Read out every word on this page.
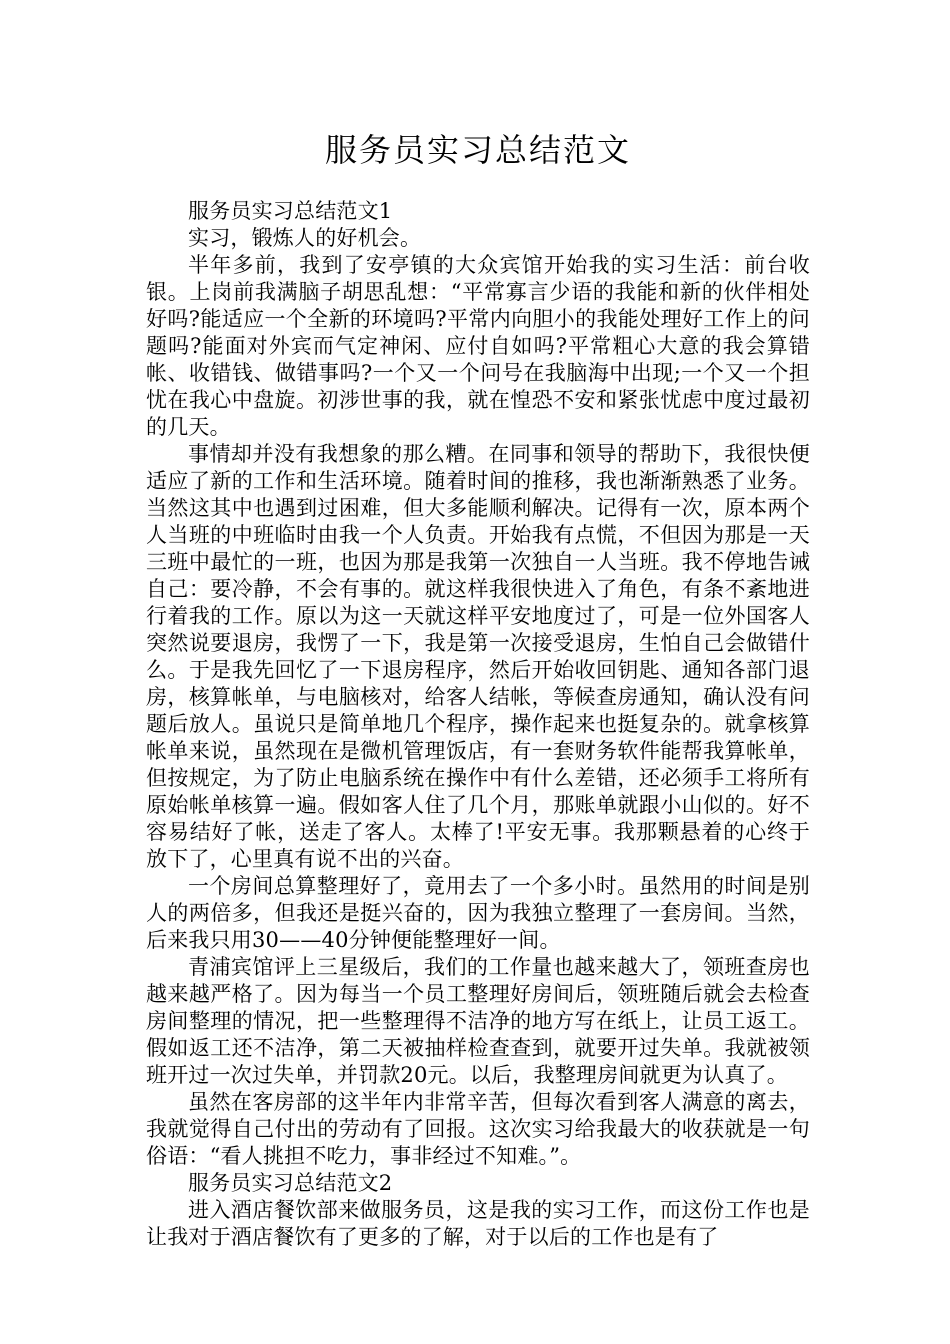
服务员实习总结范文

服务员实习总结范文1

实习，锻炼人的好机会。

半年多前，我到了安亭镇的大众宾馆开始我的实习生活：前台收银。上岗前我满脑子胡思乱想：“平常寡言少语的我能和新的伙伴相处好吗?能适应一个全新的环境吗?平常内向胆小的我能处理好工作上的问题吗?能面对外宾而气定神闲、应付自如吗?平常粗心大意的我会算错帐、收错钱、做错事吗?一个又一个问号在我脑海中出现;一个又一个担忧在我心中盘旋。初涉世事的我，就在惶恐不安和紧张忧虑中度过最初的几天。

事情却并没有我想象的那么糟。在同事和领导的帮助下，我很快便适应了新的工作和生活环境。随着时间的推移，我也渐渐熟悉了业务。当然这其中也遇到过困难，但大多能顺利解决。记得有一次，原本两个人当班的中班临时由我一个人负责。开始我有点慌，不但因为那是一天三班中最忙的一班，也因为那是我第一次独自一人当班。我不停地告诫自己：要冷静，不会有事的。就这样我很快进入了角色，有条不紊地进行着我的工作。原以为这一天就这样平安地度过了，可是一位外国客人突然说要退房，我愣了一下，我是第一次接受退房，生怕自己会做错什么。于是我先回忆了一下退房程序，然后开始收回钥匙、通知各部门退房，核算帐单，与电脑核对，给客人结帐，等候查房通知，确认没有问题后放人。虽说只是简单地几个程序，操作起来也挺复杂的。就拿核算帐单来说，虽然现在是微机管理饭店，有一套财务软件能帮我算帐单，但按规定，为了防止电脑系统在操作中有什么差错，还必须手工将所有原始帐单核算一遍。假如客人住了几个月，那账单就跟小山似的。好不容易结好了帐，送走了客人。太棒了!平安无事。我那颗悬着的心终于放下了，心里真有说不出的兴奋。

一个房间总算整理好了，竟用去了一个多小时。虽然用的时间是别人的两倍多，但我还是挺兴奋的，因为我独立整理了一套房间。当然，后来我只用30——40分钟便能整理好一间。

青浦宾馆评上三星级后，我们的工作量也越来越大了，领班查房也越来越严格了。因为每当一个员工整理好房间后，领班随后就会去检查房间整理的情况，把一些整理得不洁净的地方写在纸上，让员工返工。假如返工还不洁净，第二天被抽样检查查到，就要开过失单。我就被领班开过一次过失单，并罚款20元。以后，我整理房间就更为认真了。

虽然在客房部的这半年内非常辛苦，但每次看到客人满意的离去，我就觉得自己付出的劳动有了回报。这次实习给我最大的收获就是一句俗语：“看人挑担不吃力，事非经过不知难。”。

服务员实习总结范文2

进入酒店餐饮部来做服务员，这是我的实习工作，而这份工作也是让我对于酒店餐饮有了更多的了解，对于以后的工作也是有了
